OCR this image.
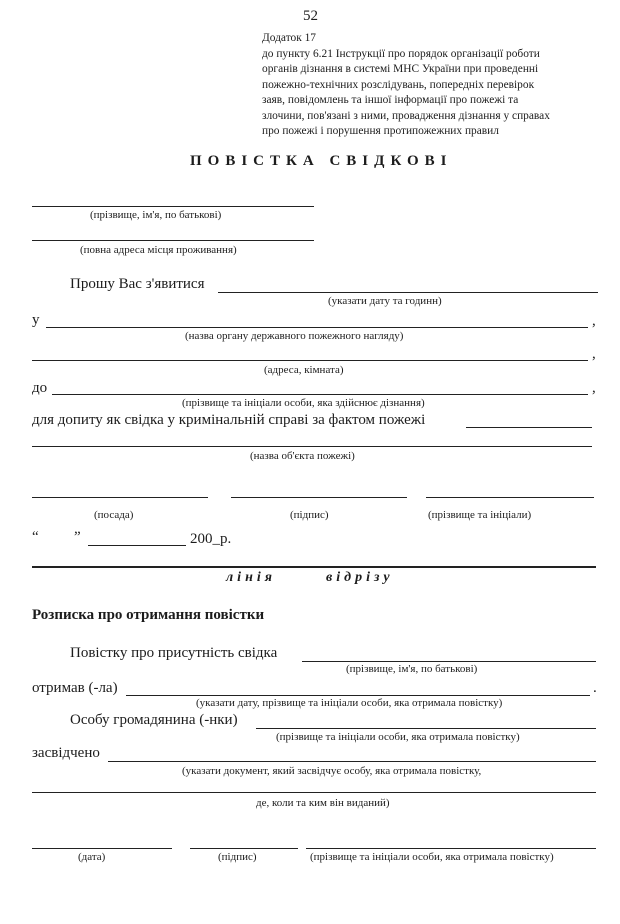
52
Додаток 17
до пункту 6.21 Інструкції про порядок організації роботи
органів дізнання в системі МНС України при проведенні
пожежно-технічних розслідувань, попередніх перевірок
заяв, повідомлень та іншої інформації про пожежі та
злочини, пов'язані з ними, провадження дізнання у справах
про пожежі і порушення протипожежних правил
ПОВІСТКА СВІДКОВІ
(прізвище, ім'я, по батькові)
(повна адреса місця проживання)
Прошу Вас з'явитися
(указати дату та годинн)
у	,
(назва органу державного пожежного нагляду)
,
(адреса, кімната)
до	,
(прізвище та ініціали особи, яка здійснює дізнання)
для допиту як свідка у кримінальній справі за фактом пожежі
(назва об'єкта пожежі)
(посада)	(підпис)	(прізвище та ініціали)
“ ”	200_р.
лінія	відрізу
Розписка про отримання повістки
Повістку про присутність свідка
(прізвище, ім'я, по батькові)
отримав (-ла)	.
(указати дату, прізвище та ініціали особи, яка отримала повістку)
Особу громадянина (-нки)
(прізвище та ініціали особи, яка отримала повістку)
засвідчено
(указати документ, який засвідчує особу, яка отримала повістку,
де, коли та ким він виданий)
(дата)	(підпис)	(прізвище та ініціали особи, яка отримала повістку)
